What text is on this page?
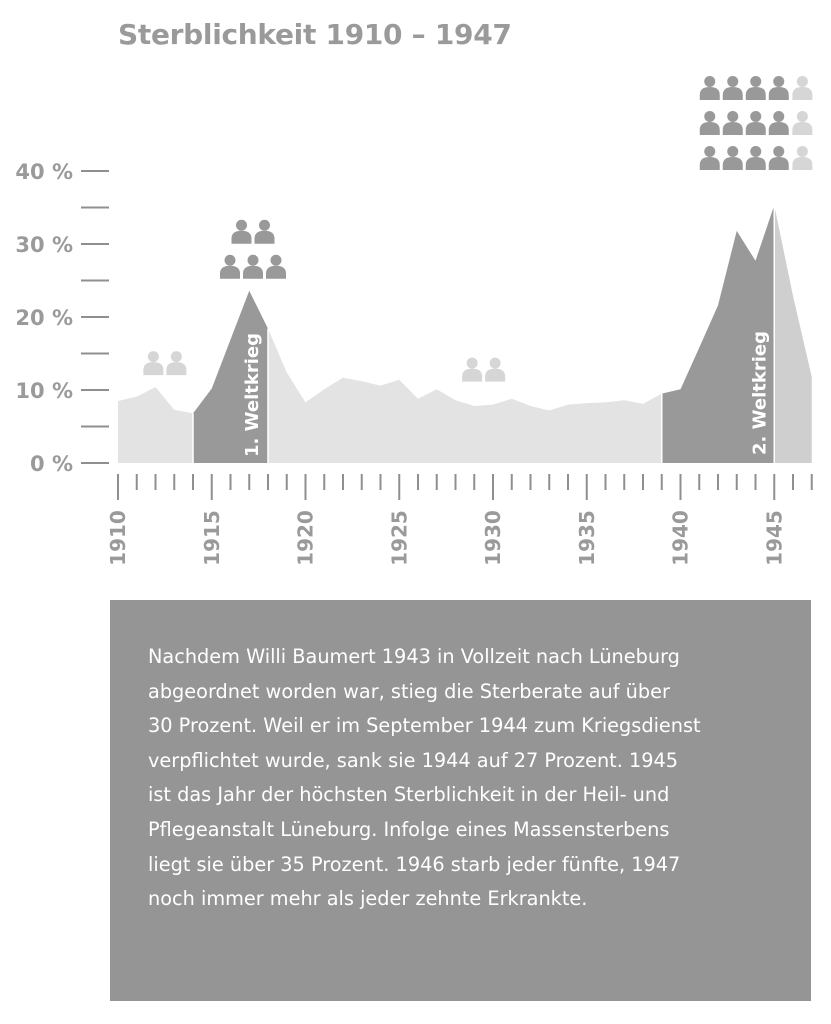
Sterblichkeit 1910 – 1947
0 %
10 %
20 %
30 %
40 %
1910	1915	1920	1925	1930	1935	1940	1945
1. Weltkrieg	2. Weltkrieg

Nachdem Willi Baumert 1943 in Vollzeit nach Lüneburg
abgeordnet worden war, stieg die Sterberate auf über
30 Prozent. Weil er im September 1944 zum Kriegsdienst
verpflichtet wurde, sank sie 1944 auf 27 Prozent. 1945
ist das Jahr der höchsten Sterblichkeit in der Heil- und
Pflegeanstalt Lüneburg. Infolge eines Massensterbens
liegt sie über 35 Prozent. 1946 starb jeder fünfte, 1947
noch immer mehr als jeder zehnte Erkrankte.
